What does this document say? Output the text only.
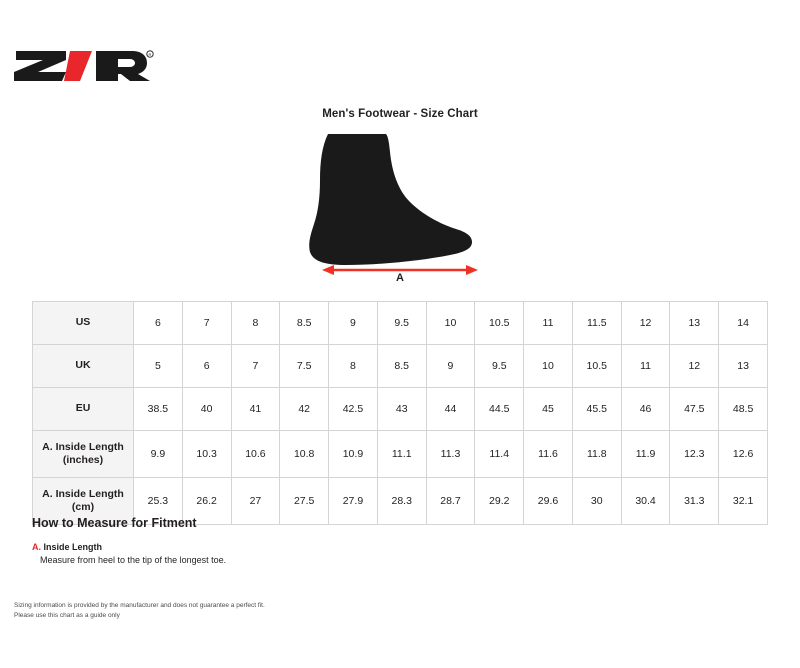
R
Men's Footwear - Size Chart
A
US	6	7	8	8.5	9	9.5	10	10.5	11	11.5	12	13	14
UK	5	6	7	7.5	8	8.5	9	9.5	10	10.5	11	12	13
EU	38.5	40	41	42	42.5	43	44	44.5	45	45.5	46	47.5	48.5
A. Inside Length (inches)	9.9	10.3	10.6	10.8	10.9	11.1	11.3	11.4	11.6	11.8	11.9	12.3	12.6
A. Inside Length (cm)	25.3	26.2	27	27.5	27.9	28.3	28.7	29.2	29.6	30	30.4	31.3	32.1
How to Measure for Fitment
A. Inside Length
Measure from heel to the tip of the longest toe.
Sizing information is provided by the manufacturer and does not guarantee a perfect fit.
Please use this chart as a guide only
